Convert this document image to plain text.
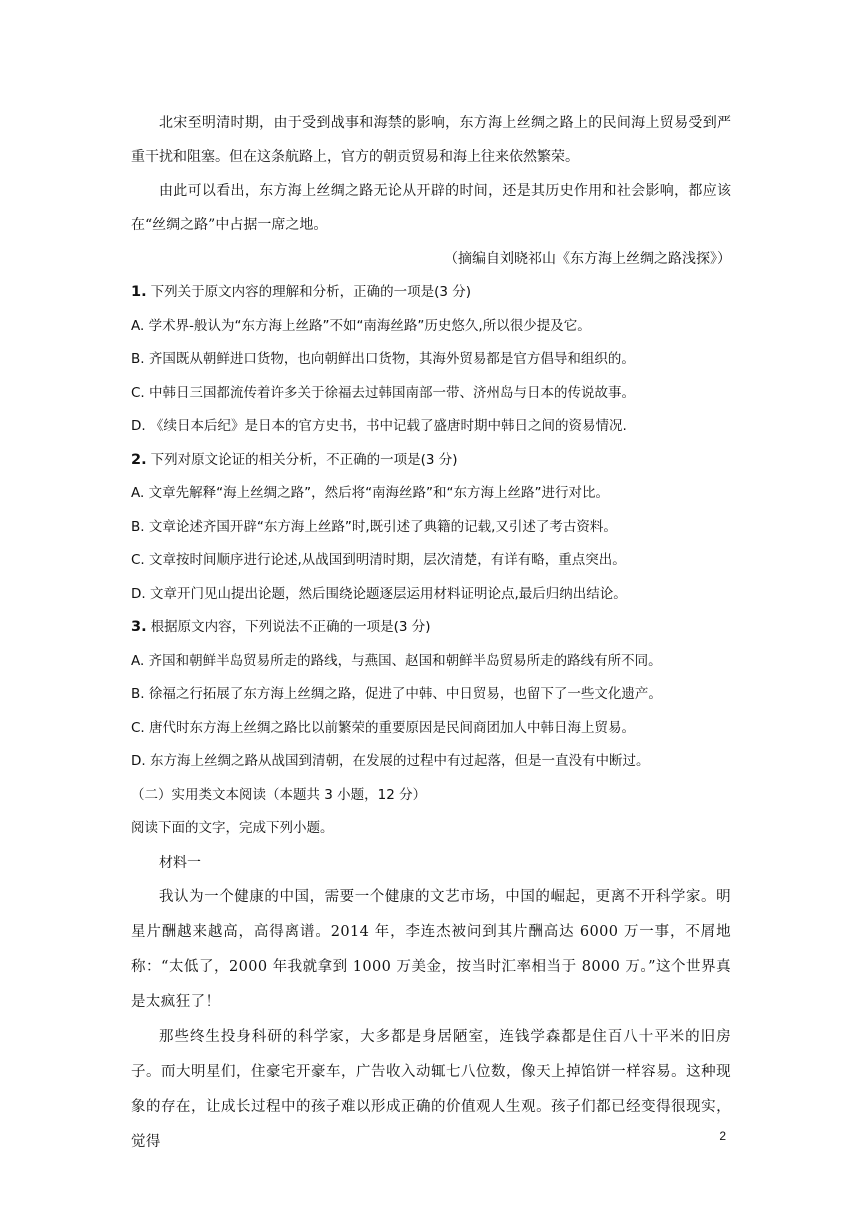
北宋至明清时期，由于受到战事和海禁的影响，东方海上丝绸之路上的民间海上贸易受到严重干扰和阻塞。但在这条航路上，官方的朝贡贸易和海上往来依然繁荣。

由此可以看出，东方海上丝绸之路无论从开辟的时间，还是其历史作用和社会影响，都应该在“丝绸之路”中占据一席之地。

（摘编自刘晓祁山《东方海上丝绸之路浅探》）

1. 下列关于原文内容的理解和分析，正确的一项是(3 分)

A. 学术界-般认为“东方海上丝路”不如“南海丝路”历史悠久,所以很少提及它。

B. 齐国既从朝鲜进口货物，也向朝鲜出口货物，其海外贸易都是官方倡导和组织的。

C. 中韩日三国都流传着许多关于徐福去过韩国南部一带、济州岛与日本的传说故事。

D. 《续日本后纪》是日本的官方史书，书中记载了盛唐时期中韩日之间的资易情况.

2. 下列对原文论证的相关分析，不正确的一项是(3 分)

A. 文章先解释“海上丝绸之路”，然后将“南海丝路”和“东方海上丝路”进行对比。

B. 文章论述齐国开辟“东方海上丝路”时,既引述了典籍的记载,又引述了考古资料。

C. 文章按时间顺序进行论述,从战国到明清时期，层次清楚，有详有略，重点突出。

D. 文章开门见山提出论题，然后围绕论题逐层运用材料证明论点,最后归纳出结论。

3. 根据原文内容，下列说法不正确的一项是(3 分)

A. 齐国和朝鲜半岛贸易所走的路线，与燕国、赵国和朝鲜半岛贸易所走的路线有所不同。

B. 徐福之行拓展了东方海上丝绸之路，促进了中韩、中日贸易，也留下了一些文化遗产。

C. 唐代时东方海上丝绸之路比以前繁荣的重要原因是民间商团加人中韩日海上贸易。

D. 东方海上丝绸之路从战国到清朝，在发展的过程中有过起落，但是一直没有中断过。

（二）实用类文本阅读（本题共 3 小题，12 分）

阅读下面的文字，完成下列小题。

材料一

我认为一个健康的中国，需要一个健康的文艺市场，中国的崛起，更离不开科学家。明星片酬越来越高，高得离谱。2014 年，李连杰被问到其片酬高达 6000 万一事，不屑地称：“太低了，2000 年我就拿到 1000 万美金，按当时汇率相当于 8000 万。”这个世界真是太疯狂了！

那些终生投身科研的科学家，大多都是身居陋室，连钱学森都是住百八十平米的旧房子。而大明星们，住豪宅开豪车，广告收入动辄七八位数，像天上掉馅饼一样容易。这种现象的存在，让成长过程中的孩子难以形成正确的价值观人生观。孩子们都已经变得很现实，觉得	2
